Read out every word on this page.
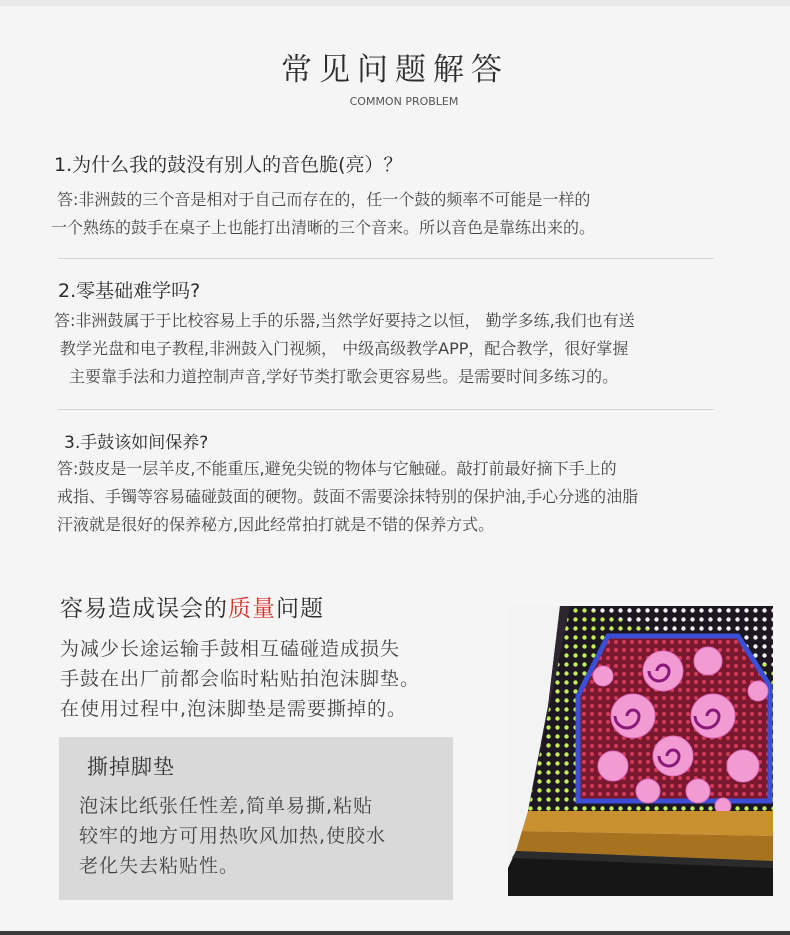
常见问题解答
COMMON PROBLEM
1.为什么我的鼓没有别人的音色脆(亮）？
答:非洲鼓的三个音是相对于自己而存在的，任一个鼓的频率不可能是一样的
一个熟练的鼓手在桌子上也能打出清晰的三个音来。所以音色是靠练出来的。
2.零基础难学吗?
答:非洲鼓属于于比校容易上手的乐器,当然学好要持之以恒， 勤学多练,我们也有送
教学光盘和电子教程,非洲鼓入门视频， 中级高级教学APP，配合教学，很好掌握
主要靠手法和力道控制声音,学好节类打歌会更容易些。是需要时间多练习的。
3.手鼓该如间保养?
答:鼓皮是一层羊皮,不能重压,避免尖锐的物体与它触碰。敲打前最好摘下手上的
戒指、手镯等容易磕碰鼓面的硬物。鼓面不需要涂抹特别的保护油,手心分逃的油脂
汗液就是很好的保养秘方,因此经常拍打就是不错的保养方式。
容易造成误会的质量问题
为减少长途运输手鼓相互磕碰造成损失
手鼓在出厂前都会临时粘贴拍泡沫脚垫。
在使用过程中,泡沫脚垫是需要撕掉的。
撕掉脚垫
泡沫比纸张任性差,简单易撕,粘贴
较牢的地方可用热吹风加热,使胶水
老化失去粘贴性。
